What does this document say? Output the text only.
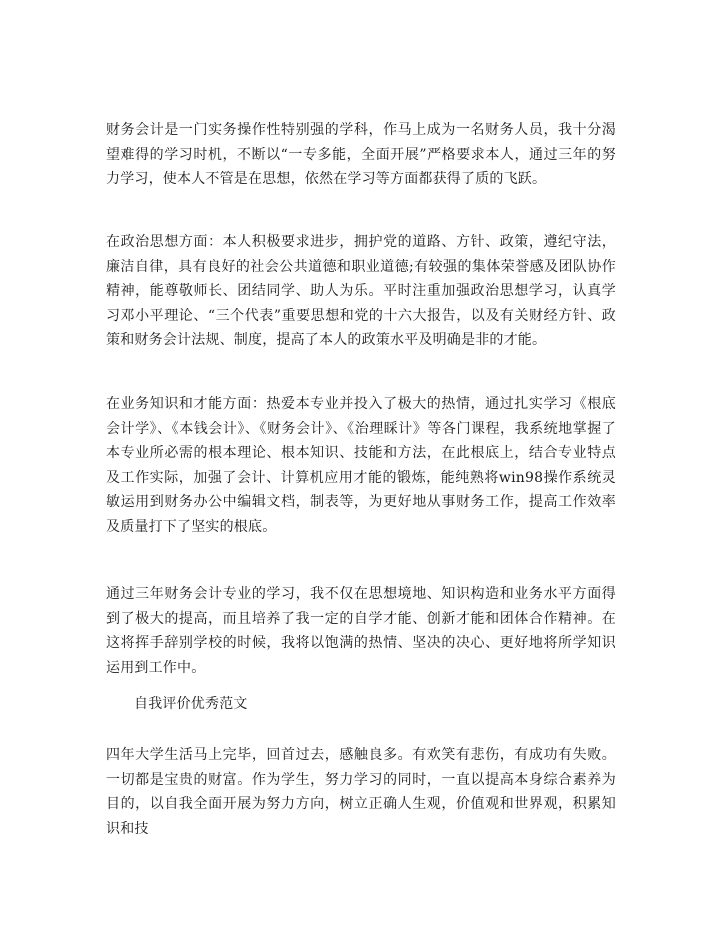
财务会计是一门实务操作性特别强的学科，作马上成为一名财务人员，我十分渴望难得的学习时机，不断以“一专多能，全面开展”严格要求本人，通过三年的努力学习，使本人不管是在思想，依然在学习等方面都获得了质的飞跃。

在政治思想方面：本人积极要求进步，拥护党的道路、方针、政策，遵纪守法，廉洁自律，具有良好的社会公共道德和职业道德;有较强的集体荣誉感及团队协作精神，能尊敬师长、团结同学、助人为乐。平时注重加强政治思想学习，认真学习邓小平理论、“三个代表”重要思想和党的十六大报告，以及有关财经方针、政策和财务会计法规、制度，提高了本人的政策水平及明确是非的才能。

在业务知识和才能方面：热爱本专业并投入了极大的热情，通过扎实学习《根底会计学》、《本钱会计》、《财务会计》、《治理睬计》等各门课程，我系统地掌握了本专业所必需的根本理论、根本知识、技能和方法，在此根底上，结合专业特点及工作实际，加强了会计、计算机应用才能的锻炼，能纯熟将win98操作系统灵敏运用到财务办公中编辑文档，制表等，为更好地从事财务工作，提高工作效率及质量打下了坚实的根底。

通过三年财务会计专业的学习，我不仅在思想境地、知识构造和业务水平方面得到了极大的提高，而且培养了我一定的自学才能、创新才能和团体合作精神。在这将挥手辞别学校的时候，我将以饱满的热情、坚决的决心、更好地将所学知识运用到工作中。

自我评价优秀范文

四年大学生活马上完毕，回首过去，感触良多。有欢笑有悲伤，有成功有失败。一切都是宝贵的财富。作为学生，努力学习的同时，一直以提高本身综合素养为目的，以自我全面开展为努力方向，树立正确人生观，价值观和世界观，积累知识和技
